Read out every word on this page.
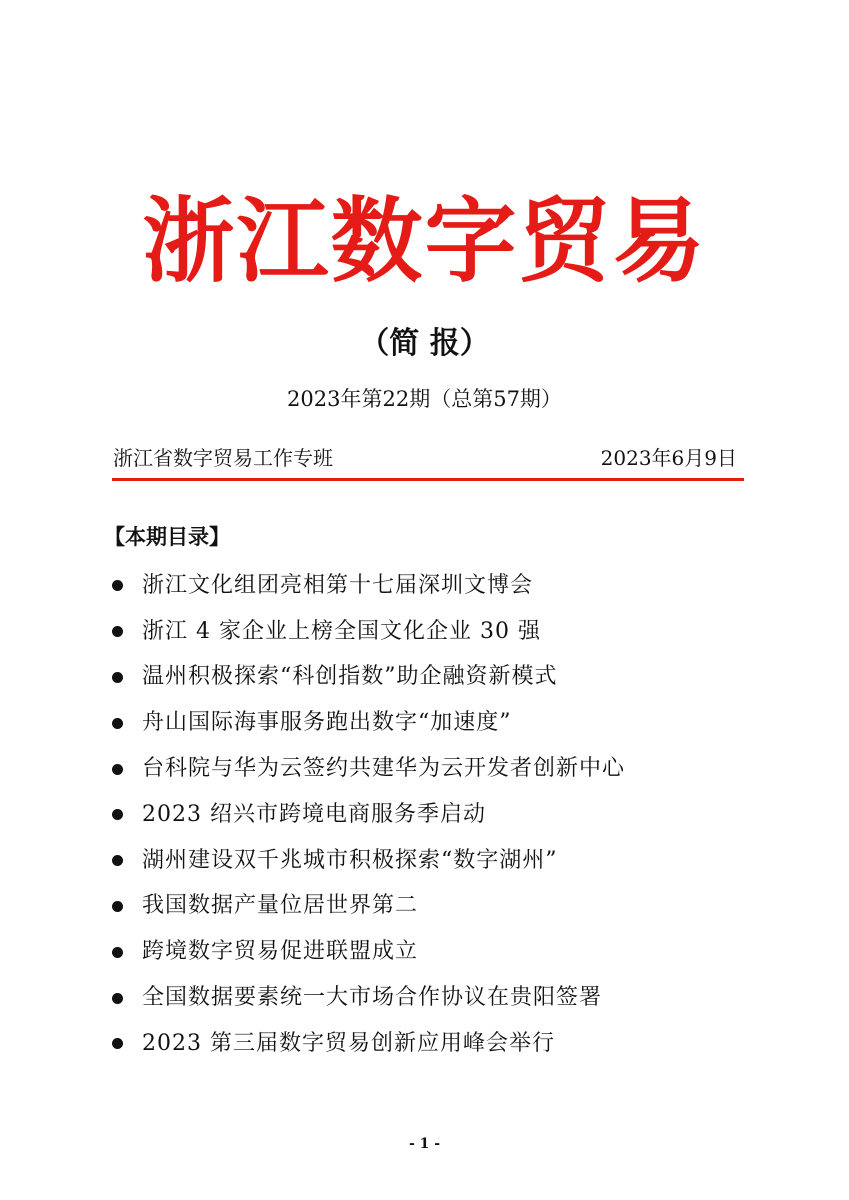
浙江数字贸易
（简 报）
2023年第22期（总第57期）
浙江省数字贸易工作专班	2023年6月9日
【本期目录】
浙江文化组团亮相第十七届深圳文博会
浙江 4 家企业上榜全国文化企业 30 强
温州积极探索“科创指数”助企融资新模式
舟山国际海事服务跑出数字“加速度”
台科院与华为云签约共建华为云开发者创新中心
2023 绍兴市跨境电商服务季启动
湖州建设双千兆城市积极探索“数字湖州”
我国数据产量位居世界第二
跨境数字贸易促进联盟成立
全国数据要素统一大市场合作协议在贵阳签署
2023 第三届数字贸易创新应用峰会举行
- 1 -
